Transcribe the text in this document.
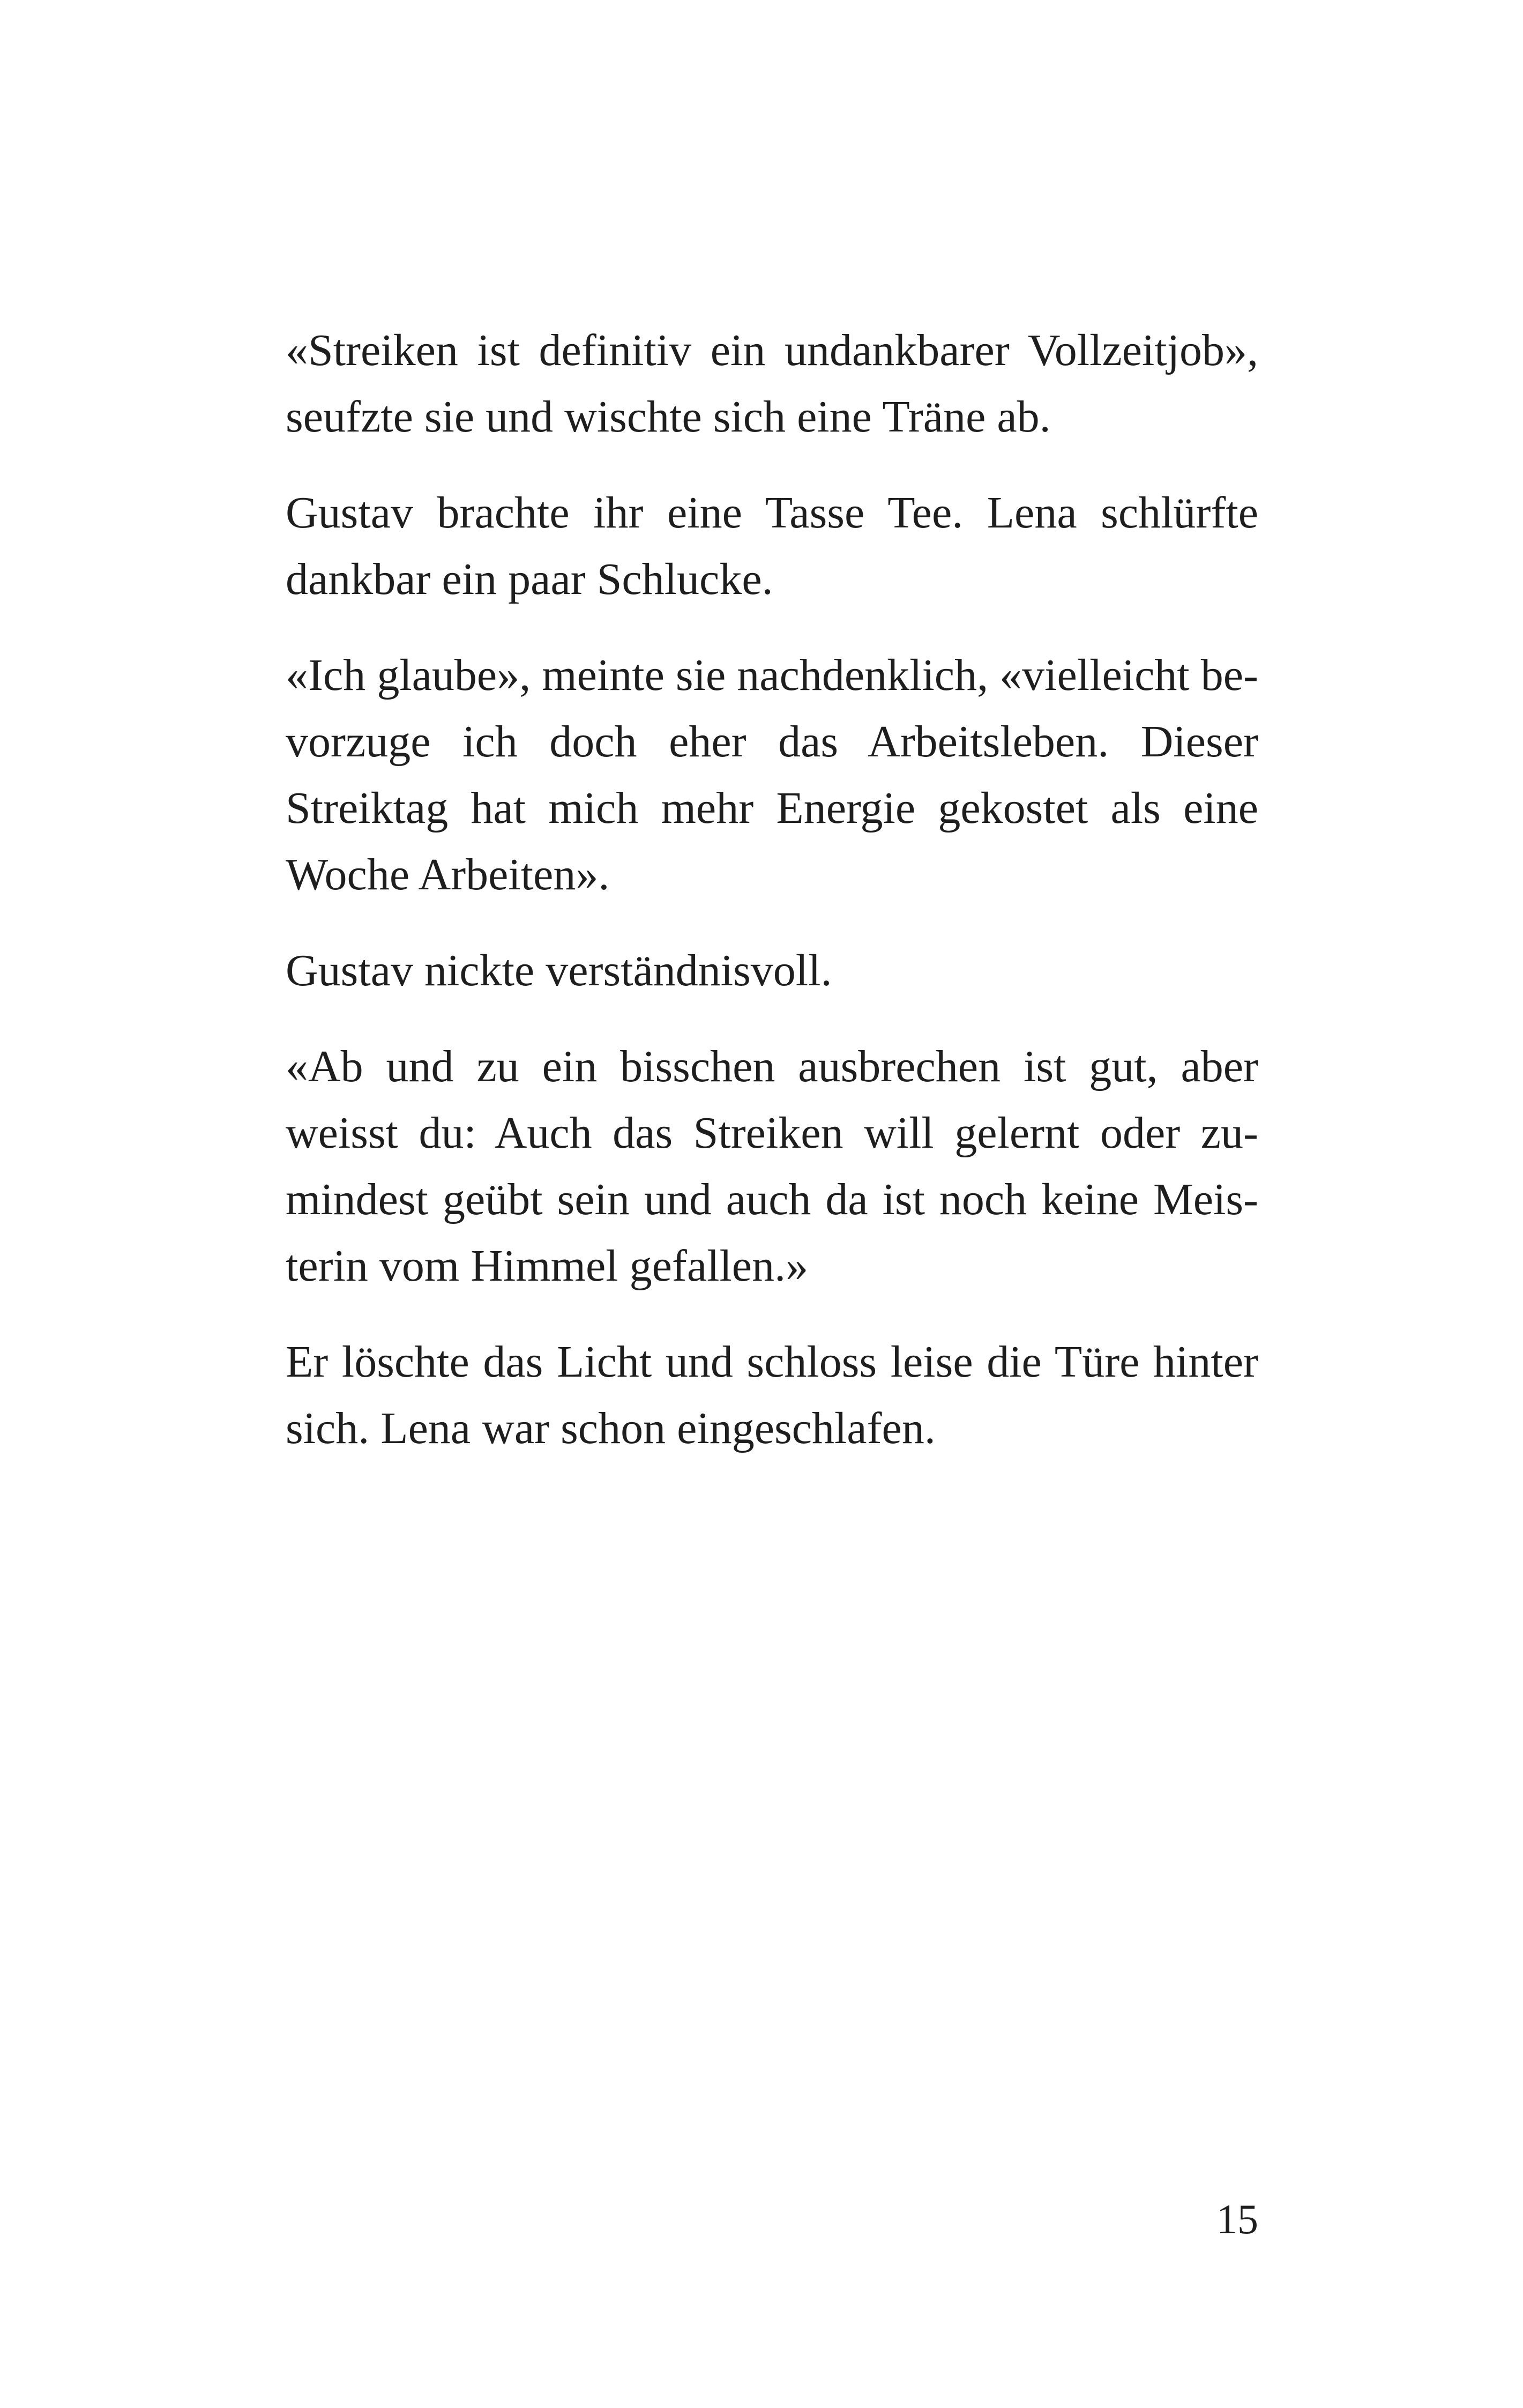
«Streiken ist definitiv ein undankbarer Vollzeitjob»,
seufzte sie und wischte sich eine Träne ab.

Gustav brachte ihr eine Tasse Tee. Lena schlürfte
dankbar ein paar Schlucke.

«Ich glaube», meinte sie nachdenklich, «vielleicht be-
vorzuge ich doch eher das Arbeitsleben. Dieser
Streiktag hat mich mehr Energie gekostet als eine
Woche Arbeiten».

Gustav nickte verständnisvoll.

«Ab und zu ein bisschen ausbrechen ist gut, aber
weisst du: Auch das Streiken will gelernt oder zu-
mindest geübt sein und auch da ist noch keine Meis-
terin vom Himmel gefallen.»

Er löschte das Licht und schloss leise die Türe hinter
sich. Lena war schon eingeschlafen.

15
